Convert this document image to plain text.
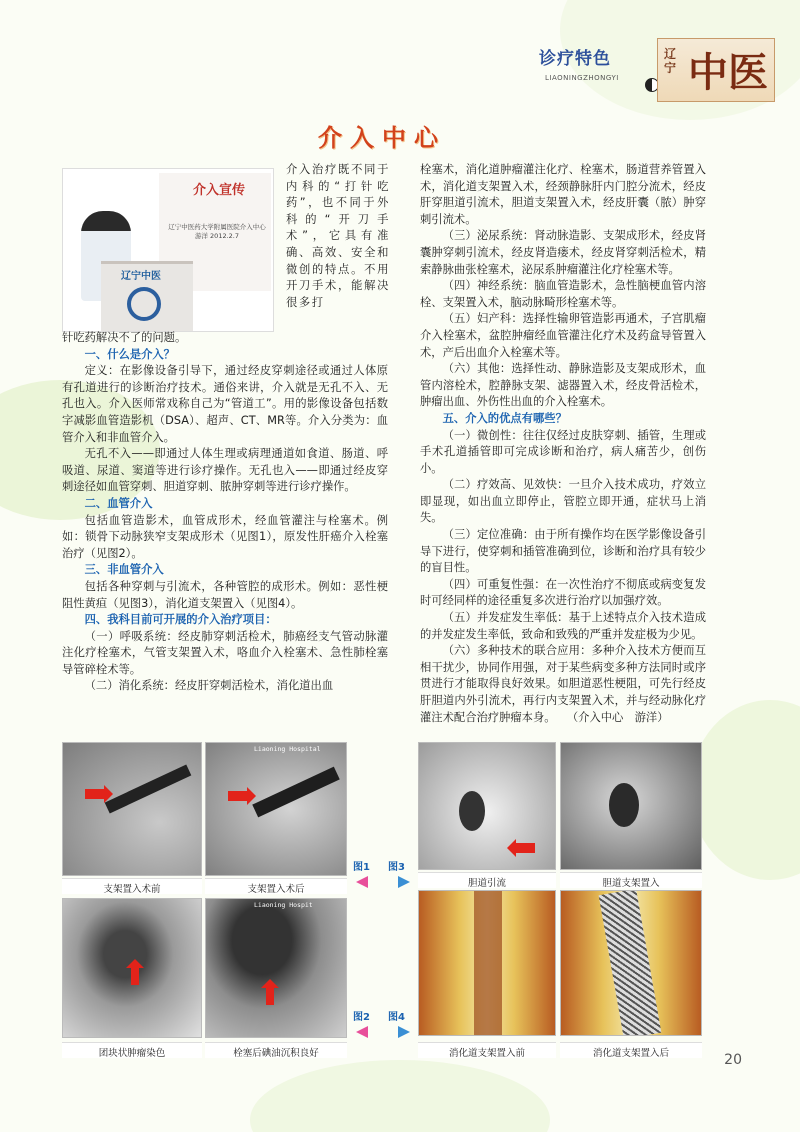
诊疗特色
LIAONINGZHONGYI
辽宁 中医
介入中心
介入宣传
辽宁中医药大学附属医院介入中心 游洋 2012.2.7
辽宁中医
介入治疗既不同于内科的“打针吃药”，也不同于外科的“开刀手术”，它具有准确、高效、安全和微创的特点。不用开刀手术，能解决很多打

针吃药解决不了的问题。

一、什么是介入？

定义：在影像设备引导下，通过经皮穿刺途径或通过人体原有孔道进行的诊断治疗技术。通俗来讲，介入就是无孔不入、无孔也入。介入医师常戏称自己为“管道工”。用的影像设备包括数字减影血管造影机（DSA）、超声、CT、MR等。介入分类为：血管介入和非血管介入。

无孔不入——即通过人体生理或病理通道如食道、肠道、呼吸道、尿道、窦道等进行诊疗操作。无孔也入——即通过经皮穿刺途径如血管穿刺、胆道穿刺、脓肿穿刺等进行诊疗操作。

二、血管介入

包括血管造影术，血管成形术，经血管灌注与栓塞术。例如：锁骨下动脉狭窄支架成形术（见图1），原发性肝癌介入栓塞治疗（见图2）。

三、非血管介入

包括各种穿刺与引流术，各种管腔的成形术。例如：恶性梗阻性黄疸（见图3），消化道支架置入（见图4）。

四、我科目前可开展的介入治疗项目：

（一）呼吸系统：经皮肺穿刺活检术，肺癌经支气管动脉灌注化疗栓塞术，气管支架置入术，咯血介入栓塞术、急性肺栓塞导管碎栓术等。

（二）消化系统：经皮肝穿刺活检术，消化道出血

栓塞术，消化道肿瘤灌注化疗、栓塞术，肠道营养管置入术，消化道支架置入术，经颈静脉肝内门腔分流术，经皮肝穿胆道引流术，胆道支架置入术，经皮肝囊（脓）肿穿刺引流术。

（三）泌尿系统：肾动脉造影、支架成形术，经皮肾囊肿穿刺引流术，经皮肾造瘘术，经皮肾穿刺活检术，精索静脉曲张栓塞术，泌尿系肿瘤灌注化疗栓塞术等。

（四）神经系统：脑血管造影术，急性脑梗血管内溶栓、支架置入术，脑动脉畸形栓塞术等。

（五）妇产科：选择性输卵管造影再通术，子宫肌瘤介入栓塞术，盆腔肿瘤经血管灌注化疗术及药盒导管置入术，产后出血介入栓塞术等。

（六）其他：选择性动、静脉造影及支架成形术，血管内溶栓术，腔静脉支架、滤器置入术，经皮骨活检术，肿瘤出血、外伤性出血的介入栓塞术。

五、介入的优点有哪些？

（一）微创性：往往仅经过皮肤穿刺、插管，生理或手术孔道插管即可完成诊断和治疗，病人痛苦少，创伤小。

（二）疗效高、见效快：一旦介入技术成功，疗效立即显现，如出血立即停止，管腔立即开通，症状马上消失。

（三）定位准确：由于所有操作均在医学影像设备引导下进行，使穿刺和插管准确到位，诊断和治疗具有较少的盲目性。

（四）可重复性强：在一次性治疗不彻底或病变复发时可经同样的途径重复多次进行治疗以加强疗效。

（五）并发症发生率低：基于上述特点介入技术造成的并发症发生率低，致命和致残的严重并发症极为少见。

（六）多种技术的联合应用：多种介入技术方便而互相干扰少，协同作用强，对于某些病变多种方法同时或序贯进行才能取得良好效果。如胆道恶性梗阻，可先行经皮肝胆道内外引流术，再行内支架置入术，并与经动脉化疗灌注术配合治疗肿瘤本身。　　（介入中心　游洋）

Liaoning Hospital
支架置入术前	支架置入术后
Liaoning Hospit
团块状肿瘤染色	栓塞后碘油沉积良好
图1 图3
图2 图4
胆道引流	胆道支架置入
消化道支架置入前	消化道支架置入后	20
